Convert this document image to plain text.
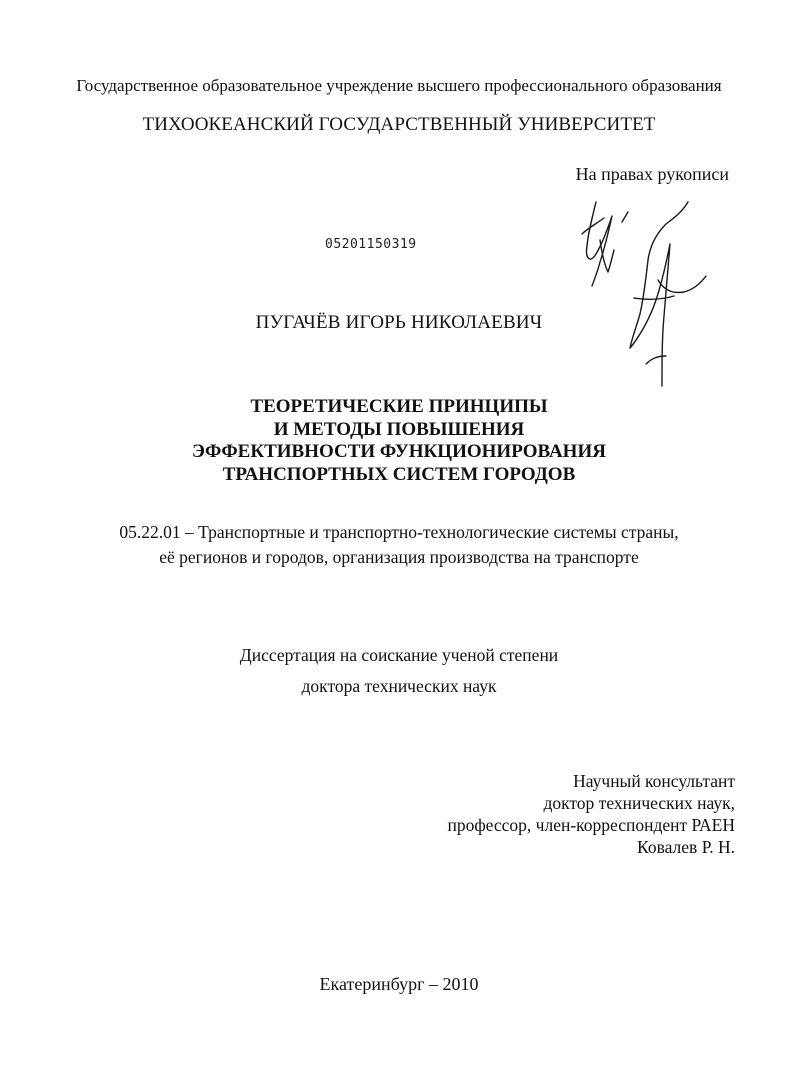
Государственное образовательное учреждение высшего профессионального образования
ТИХООКЕАНСКИЙ ГОСУДАРСТВЕННЫЙ УНИВЕРСИТЕТ
На правах рукописи
05201150319
ПУГАЧЁВ ИГОРЬ НИКОЛАЕВИЧ
ТЕОРЕТИЧЕСКИЕ ПРИНЦИПЫ
И МЕТОДЫ ПОВЫШЕНИЯ
ЭФФЕКТИВНОСТИ ФУНКЦИОНИРОВАНИЯ
ТРАНСПОРТНЫХ СИСТЕМ ГОРОДОВ
05.22.01 – Транспортные и транспортно-технологические системы страны,
её регионов и городов, организация производства на транспорте
Диссертация на соискание ученой степени
доктора технических наук
Научный консультант
доктор технических наук,
профессор, член-корреспондент РАЕН
Ковалев Р. Н.
Екатеринбург – 2010
